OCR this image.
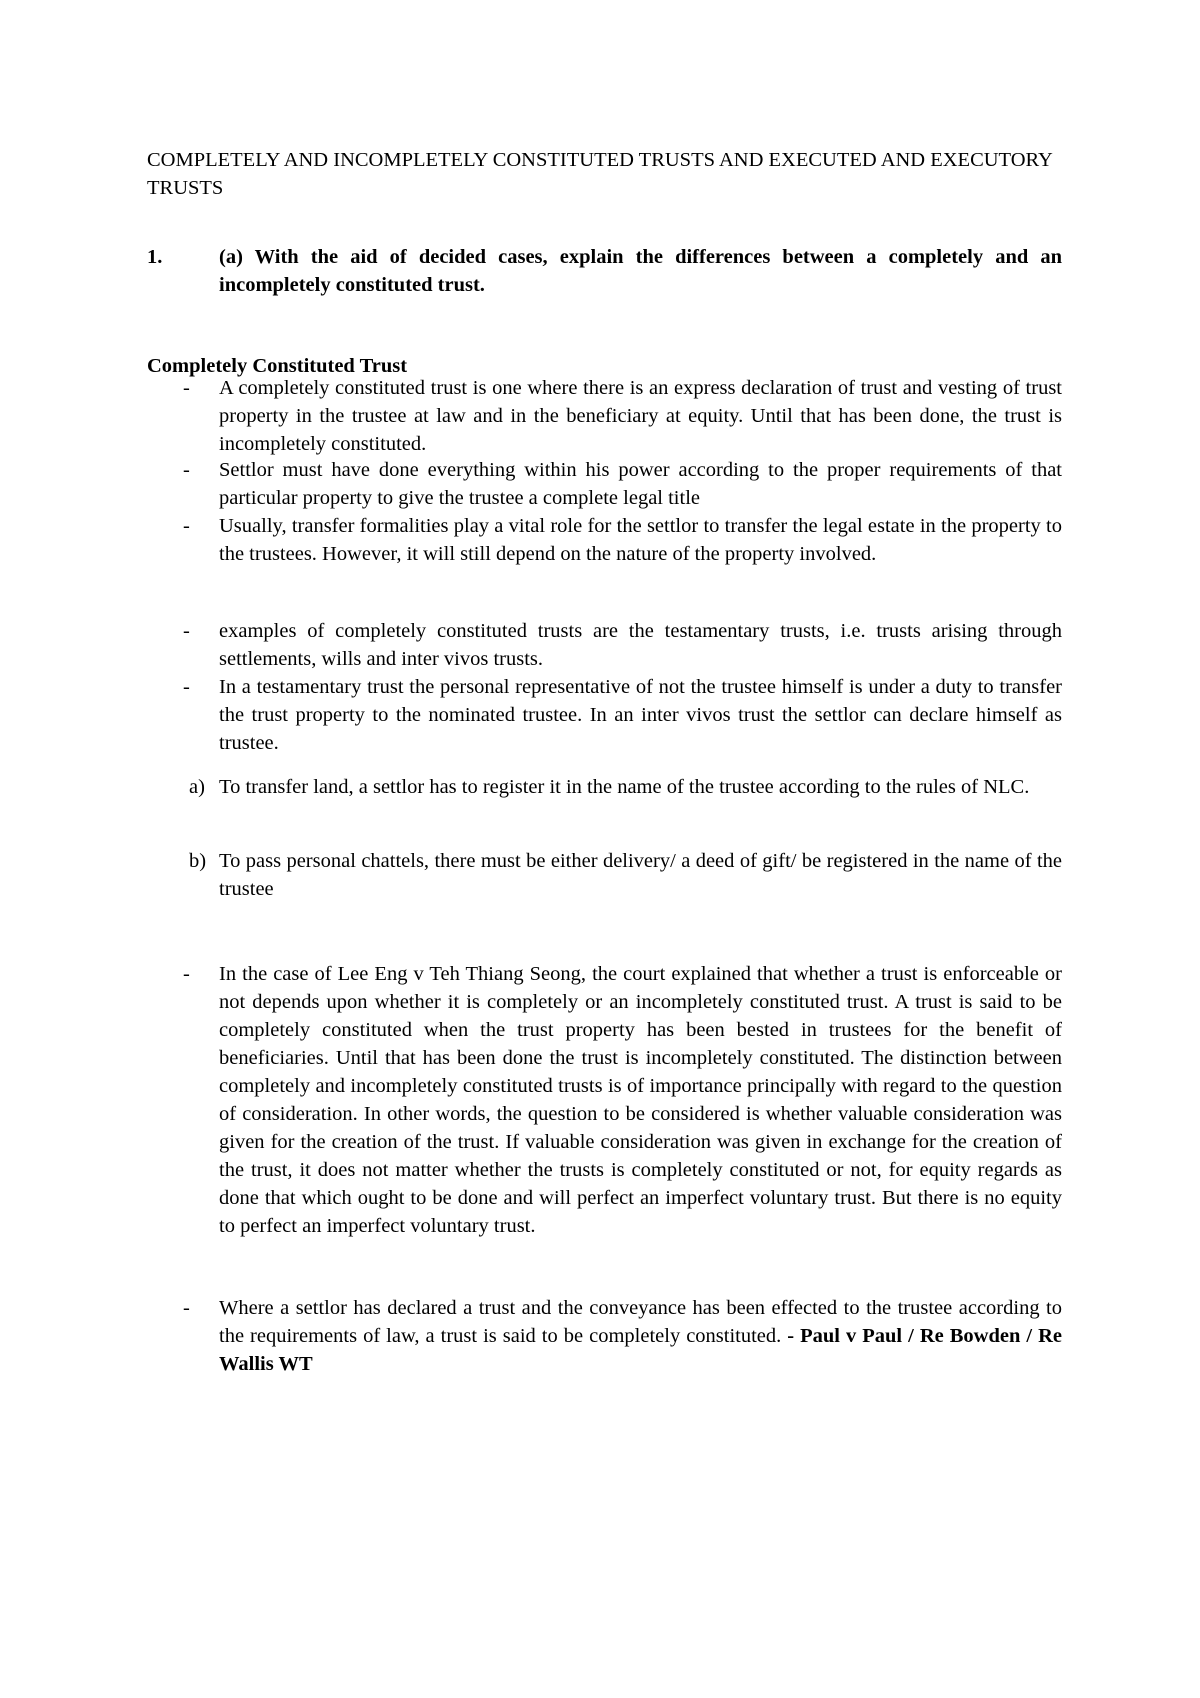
COMPLETELY AND INCOMPLETELY CONSTITUTED TRUSTS AND EXECUTED AND EXECUTORY TRUSTS
1.	(a) With the aid of decided cases, explain the differences between a completely and an incompletely constituted trust.
Completely Constituted Trust
- A completely constituted trust is one where there is an express declaration of trust and vesting of trust property in the trustee at law and in the beneficiary at equity. Until that has been done, the trust is incompletely constituted.
- Settlor must have done everything within his power according to the proper requirements of that particular property to give the trustee a complete legal title
- Usually, transfer formalities play a vital role for the settlor to transfer the legal estate in the property to the trustees. However, it will still depend on the nature of the property involved.
- examples of completely constituted trusts are the testamentary trusts, i.e. trusts arising through settlements, wills and inter vivos trusts.
- In a testamentary trust the personal representative of not the trustee himself is under a duty to transfer the trust property to the nominated trustee. In an inter vivos trust the settlor can declare himself as trustee.
a) To transfer land, a settlor has to register it in the name of the trustee according to the rules of NLC.
b) To pass personal chattels, there must be either delivery/ a deed of gift/ be registered in the name of the trustee
- In the case of Lee Eng v Teh Thiang Seong, the court explained that whether a trust is enforceable or not depends upon whether it is completely or an incompletely constituted trust. A trust is said to be completely constituted when the trust property has been bested in trustees for the benefit of beneficiaries. Until that has been done the trust is incompletely constituted. The distinction between completely and incompletely constituted trusts is of importance principally with regard to the question of consideration. In other words, the question to be considered is whether valuable consideration was given for the creation of the trust. If valuable consideration was given in exchange for the creation of the trust, it does not matter whether the trusts is completely constituted or not, for equity regards as done that which ought to be done and will perfect an imperfect voluntary trust. But there is no equity to perfect an imperfect voluntary trust.
- Where a settlor has declared a trust and the conveyance has been effected to the trustee according to the requirements of law, a trust is said to be completely constituted. - Paul v Paul / Re Bowden / Re Wallis WT
